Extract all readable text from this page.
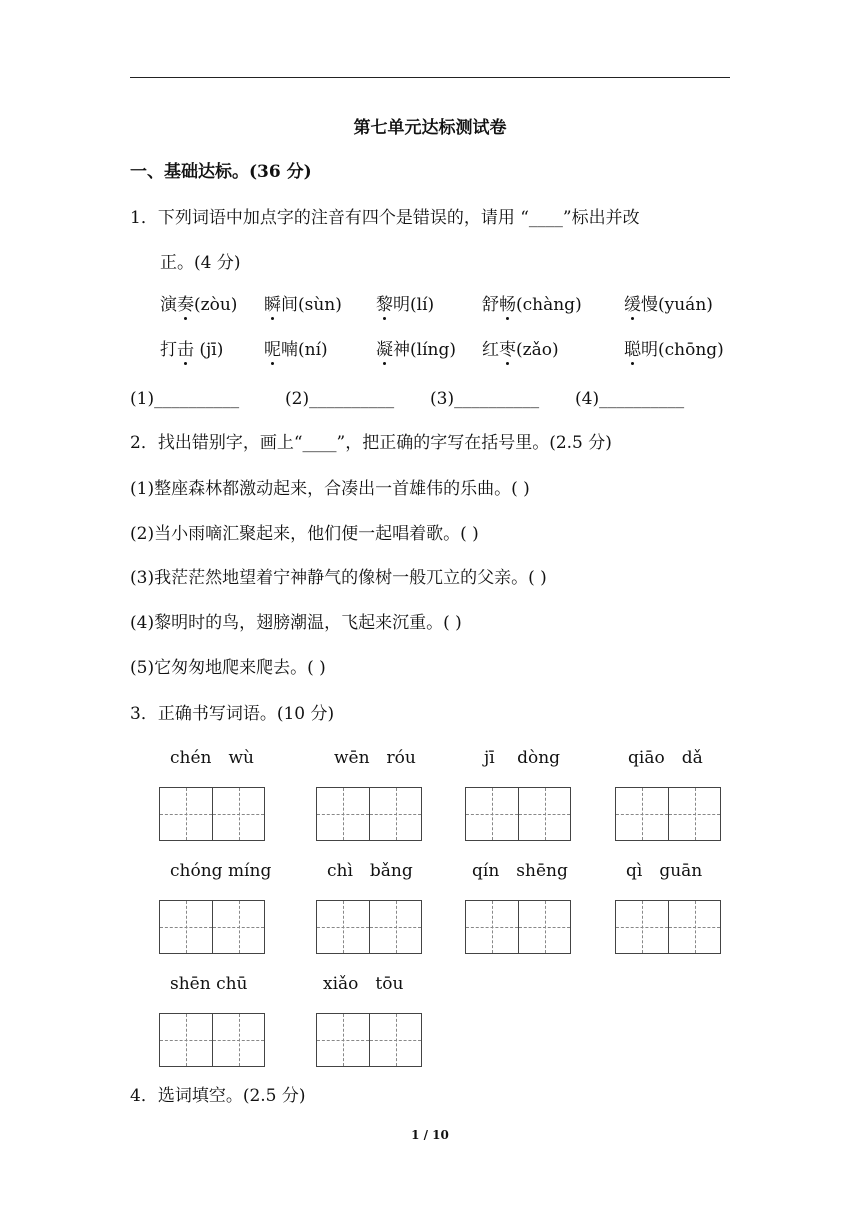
第七单元达标测试卷
一、基础达标。(36 分)
1．下列词语中加点字的注音有四个是错误的，请用 “____”标出并改
正。(4 分)
演奏(zòu) 瞬间(sùn) 黎明(lí)	舒畅(chàng) 缓慢(yuán)
打击 (jī) 呢喃(ní)	凝神(líng) 红枣(zǎo)	聪明(chōng)
(1)__________	(2)__________ (3)__________ (4)__________
2．找出错别字，画上“____”，把正确的字写在括号里。(2.5 分)
(1)整座森林都激动起来，合凑出一首雄伟的乐曲。( )
(2)当小雨嘀汇聚起来，他们便一起唱着歌。( )
(3)我茫茫然地望着宁神静气的像树一般兀立的父亲。( )
(4)黎明时的鸟，翅膀潮温，飞起来沉重。( )
(5)它匆匆地爬来爬去。( )
3．正确书写词语。(10 分)
chén　wù	wēn　róu	jī　 dòng	qiāo　dǎ
chóng míng	chì　bǎng	qín　shēng	qì　guān
shēn chū	xiǎo　tōu
4．选词填空。(2.5 分)
1 / 10
